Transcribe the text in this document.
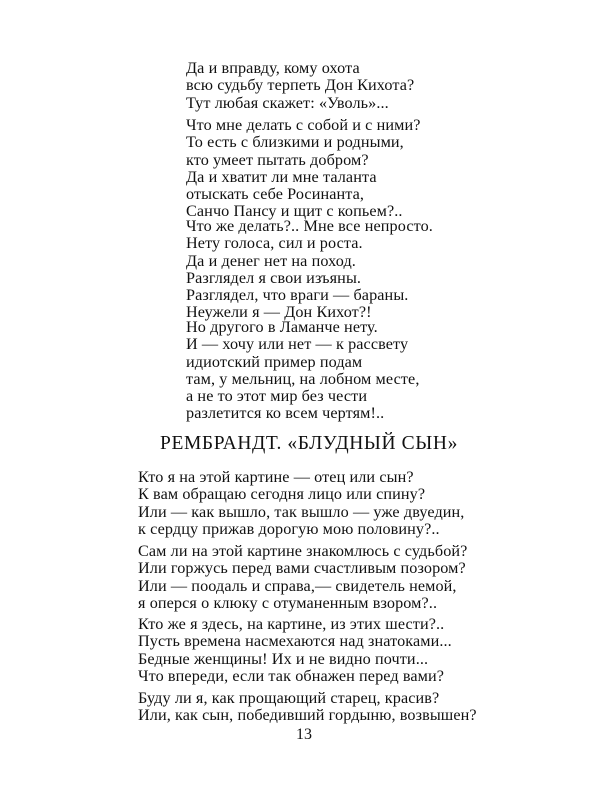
Да и вправду, кому охота
всю судьбу терпеть Дон Кихота?
Тут любая скажет: «Уволь»...
Что мне делать с собой и с ними?
То есть с близкими и родными,
кто умеет пытать добром?
Да и хватит ли мне таланта
отыскать себе Росинанта,
Санчо Пансу и щит с копьем?..
Что же делать?.. Мне все непросто.
Нету голоса, сил и роста.
Да и денег нет на поход.
Разглядел я свои изъяны.
Разглядел, что враги — бараны.
Неужели я — Дон Кихот?!
Но другого в Ламанче нету.
И — хочу или нет — к рассвету
идиотский пример подам
там, у мельниц, на лобном месте,
а не то этот мир без чести
разлетится ко всем чертям!..
РЕМБРАНДТ. «БЛУДНЫЙ СЫН»
Кто я на этой картине — отец или сын?
К вам обращаю сегодня лицо или спину?
Или — как вышло, так вышло — уже двуедин,
к сердцу прижав дорогую мою половину?..
Сам ли на этой картине знакомлюсь с судьбой?
Или горжусь перед вами счастливым позором?
Или — поодаль и справа,— свидетель немой,
я оперся о клюку с отуманенным взором?..
Кто же я здесь, на картине, из этих шести?..
Пусть времена насмехаются над знатоками...
Бедные женщины! Их и не видно почти...
Что впереди, если так обнажен перед вами?
Буду ли я, как прощающий старец, красив?
Или, как сын, победивший гордыню, возвышен?
13
